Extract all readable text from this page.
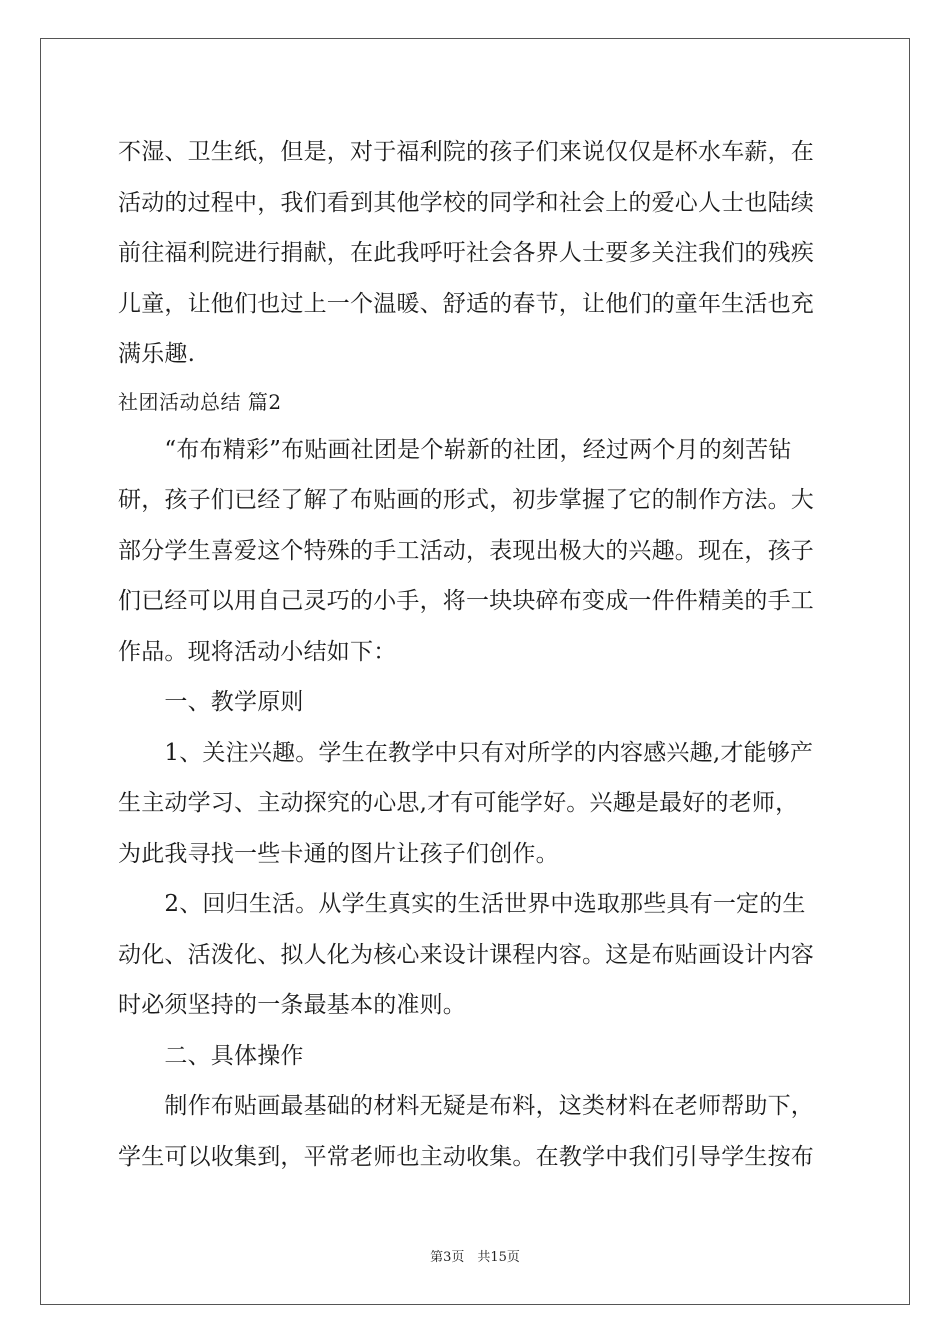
不湿、卫生纸，但是，对于福利院的孩子们来说仅仅是杯水车薪，在
活动的过程中，我们看到其他学校的同学和社会上的爱心人士也陆续
前往福利院进行捐献，在此我呼吁社会各界人士要多关注我们的残疾
儿童，让他们也过上一个温暖、舒适的春节，让他们的童年生活也充
满乐趣.
社团活动总结 篇2
　　“布布精彩”布贴画社团是个崭新的社团，经过两个月的刻苦钻
研，孩子们已经了解了布贴画的形式，初步掌握了它的制作方法。大
部分学生喜爱这个特殊的手工活动，表现出极大的兴趣。现在，孩子
们已经可以用自己灵巧的小手，将一块块碎布变成一件件精美的手工
作品。现将活动小结如下：
　　一、教学原则
　　1、关注兴趣。学生在教学中只有对所学的内容感兴趣,才能够产
生主动学习、主动探究的心思,才有可能学好。兴趣是最好的老师，
为此我寻找一些卡通的图片让孩子们创作。
　　2、回归生活。从学生真实的生活世界中选取那些具有一定的生
动化、活泼化、拟人化为核心来设计课程内容。这是布贴画设计内容
时必须坚持的一条最基本的准则。
　　二、具体操作
　　制作布贴画最基础的材料无疑是布料，这类材料在老师帮助下，
学生可以收集到，平常老师也主动收集。在教学中我们引导学生按布
第3页　共15页
